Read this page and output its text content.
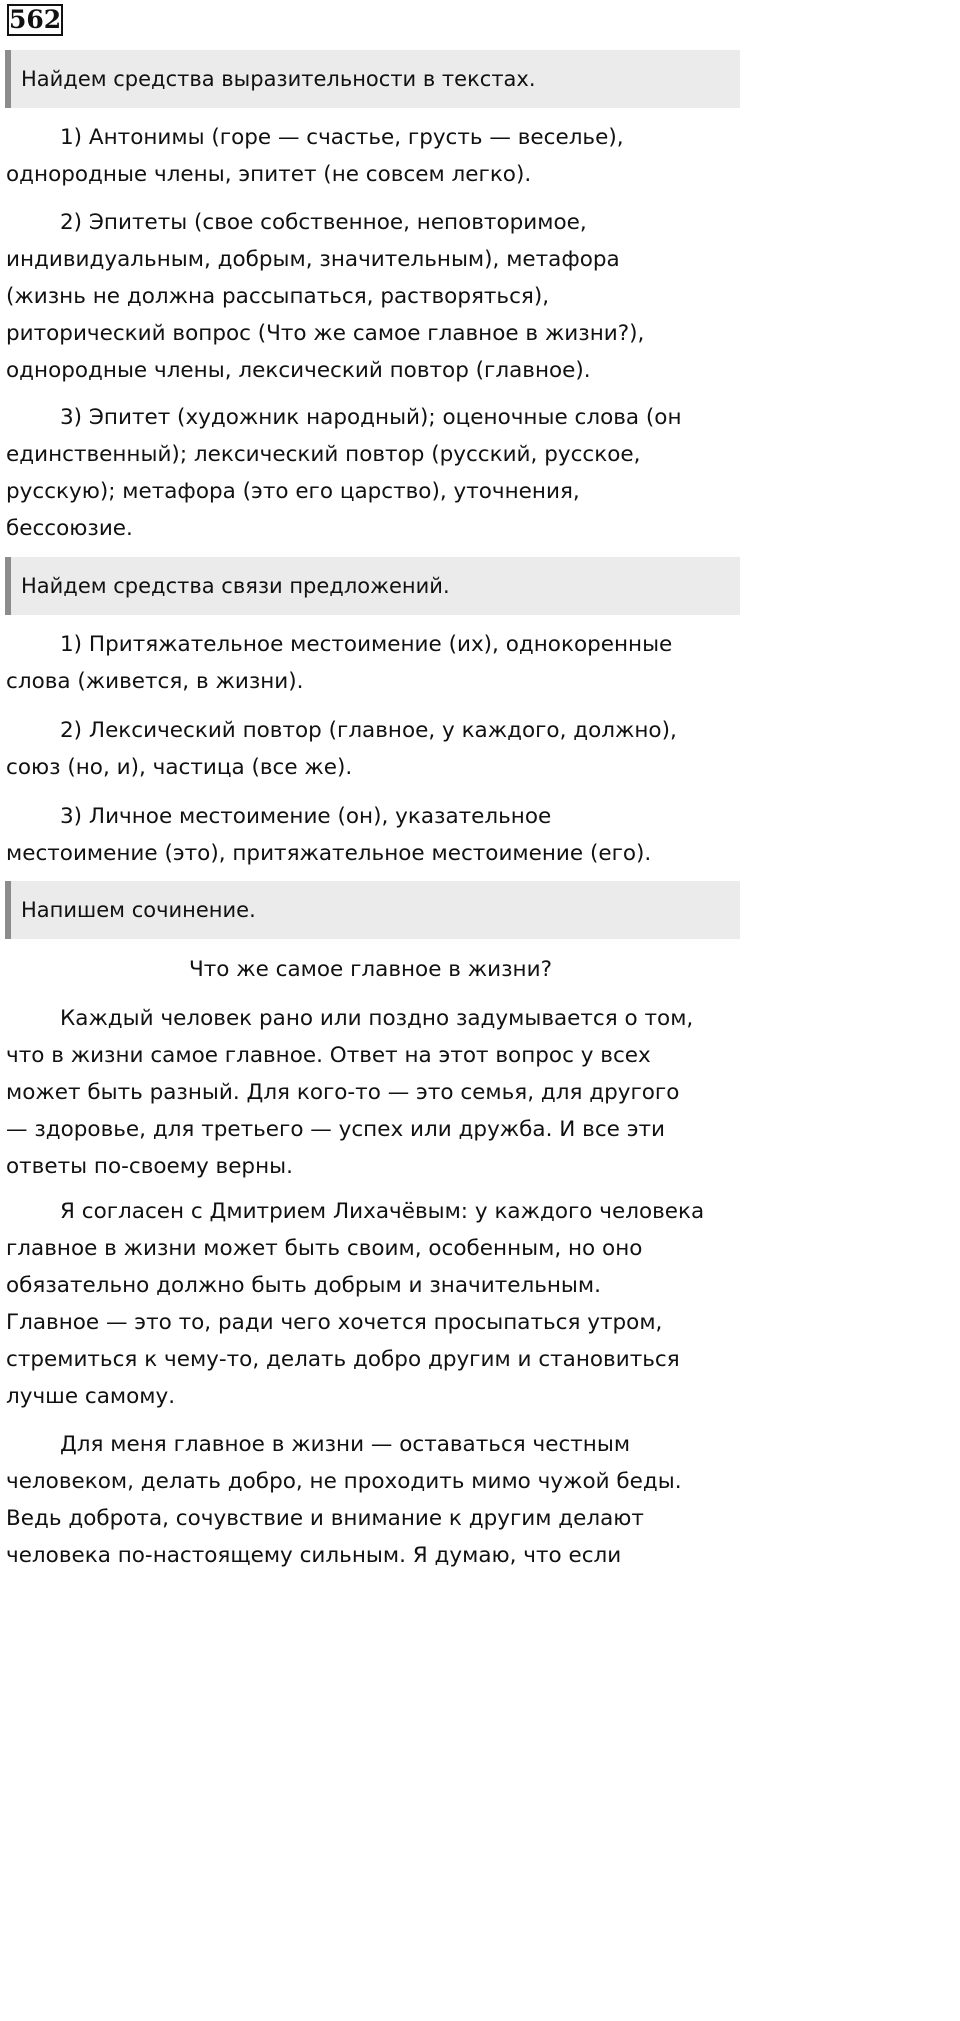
562
Найдем средства выразительности в текстах.

1) Антонимы (горе — счастье, грусть — веселье),
однородные члены, эпитет (не совсем легко).

2) Эпитеты (свое собственное, неповторимое,
индивидуальным, добрым, значительным), метафора
(жизнь не должна рассыпаться, растворяться),
риторический вопрос (Что же самое главное в жизни?),
однородные члены, лексический повтор (главное).

3) Эпитет (художник народный); оценочные слова (он
единственный); лексический повтор (русский, русское,
русскую); метафора (это его царство), уточнения,
бессоюзие.

Найдем средства связи предложений.

1) Притяжательное местоимение (их), однокоренные
слова (живется, в жизни).

2) Лексический повтор (главное, у каждого, должно),
союз (но, и), частица (все же).

3) Личное местоимение (он), указательное
местоимение (это), притяжательное местоимение (его).

Напишем сочинение.

Что же самое главное в жизни?

Каждый человек рано или поздно задумывается о том,
что в жизни самое главное. Ответ на этот вопрос у всех
может быть разный. Для кого-то — это семья, для другого
— здоровье, для третьего — успех или дружба. И все эти
ответы по-своему верны.

Я согласен с Дмитрием Лихачёвым: у каждого человека
главное в жизни может быть своим, особенным, но оно
обязательно должно быть добрым и значительным.
Главное — это то, ради чего хочется просыпаться утром,
стремиться к чему-то, делать добро другим и становиться
лучше самому.

Для меня главное в жизни — оставаться честным
человеком, делать добро, не проходить мимо чужой беды.
Ведь доброта, сочувствие и внимание к другим делают
человека по-настоящему сильным. Я думаю, что если
